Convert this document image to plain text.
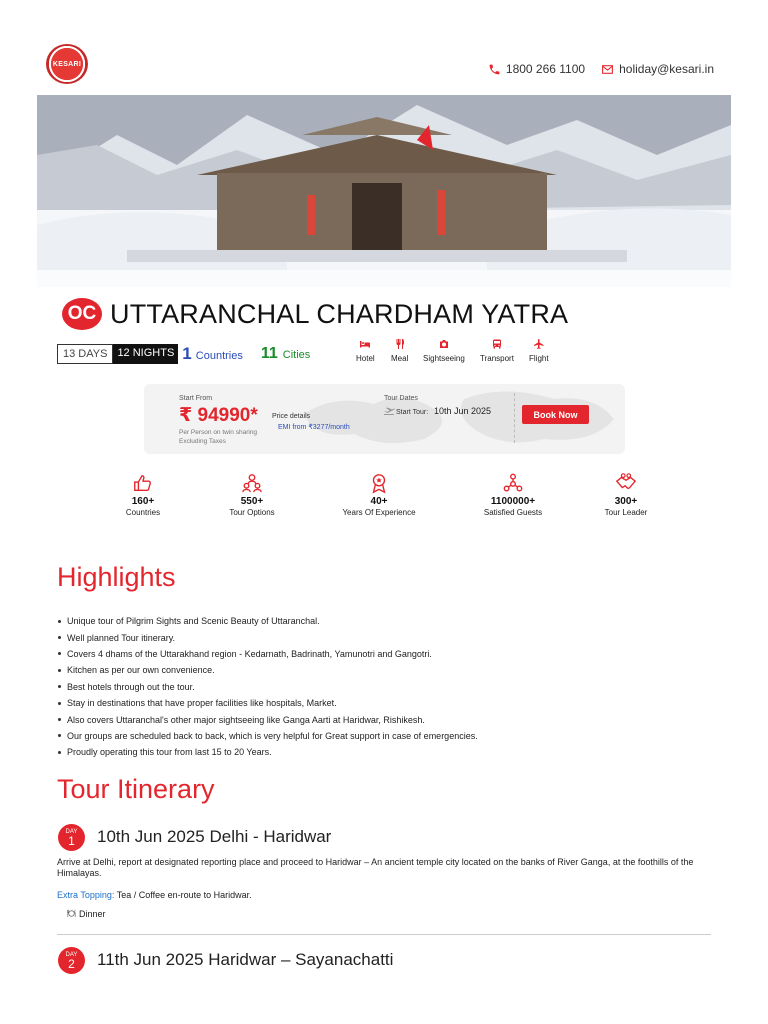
KESARI	1800 266 1100	holiday@kesari.in
OC UTTARANCHAL CHARDHAM YATRA
13 DAYS 12 NIGHTS 1 Countries 11 Cities	Hotel Meal Sightseeing Transport Flight
Start From
₹ 94990* Price details
EMI from ₹3277/month
Per Person on twin sharing
Excluding Taxes
Tour Dates
Start Tour: 10th Jun 2025	Book Now
160+
Countries
550+
Tour Options
40+
Years Of Experience
1100000+
Satisfied Guests
300+
Tour Leader
Highlights
Unique tour of Pilgrim Sights and Scenic Beauty of Uttaranchal.
Well planned Tour itinerary.
Covers 4 dhams of the Uttarakhand region - Kedarnath, Badrinath, Yamunotri and Gangotri.
Kitchen as per our own convenience.
Best hotels through out the tour.
Stay in destinations that have proper facilities like hospitals, Market.
Also covers Uttaranchal's other major sightseeing like Ganga Aarti at Haridwar, Rishikesh.
Our groups are scheduled back to back, which is very helpful for Great support in case of emergencies.
Proudly operating this tour from last 15 to 20 Years.
Tour Itinerary
DAY
1 10th Jun 2025 Delhi - Haridwar
Arrive at Delhi, report at designated reporting place and proceed to Haridwar – An ancient temple city located on the banks of River Ganga, at the foothills of the Himalayas.
Extra Topping: Tea / Coffee en-route to Haridwar.
Dinner
DAY
2 11th Jun 2025 Haridwar – Sayanachatti
